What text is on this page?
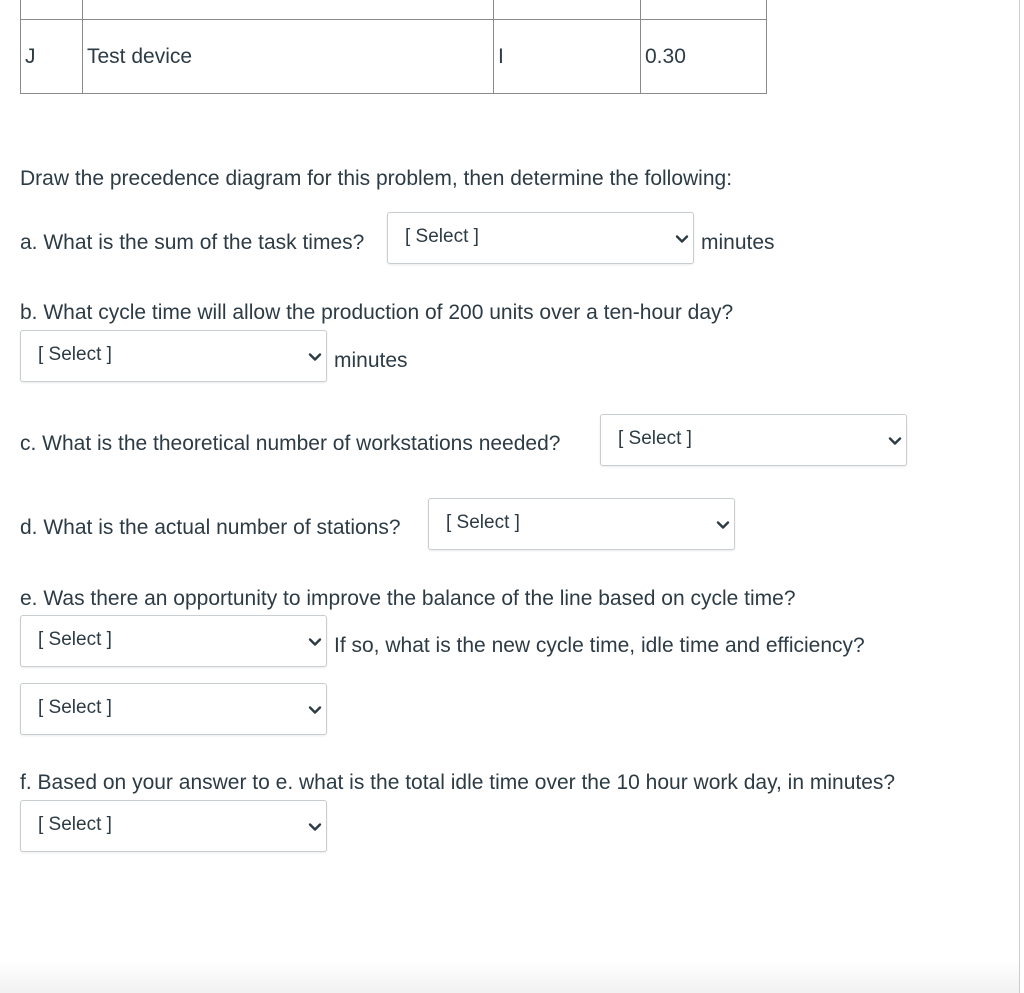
J	Test device	I	0.30
Draw the precedence diagram for this problem, then determine the following:
a. What is the sum of the task times? [ Select ]	minutes
b. What cycle time will allow the production of 200 units over a ten-hour day?
[ Select ]	minutes
c. What is the theoretical number of workstations needed?	[ Select ]
d. What is the actual number of stations? [ Select ]
e. Was there an opportunity to improve the balance of the line based on cycle time?
[ Select ]	If so, what is the new cycle time, idle time and efficiency?
[ Select ]
f. Based on your answer to e. what is the total idle time over the 10 hour work day, in minutes?
[ Select ]
